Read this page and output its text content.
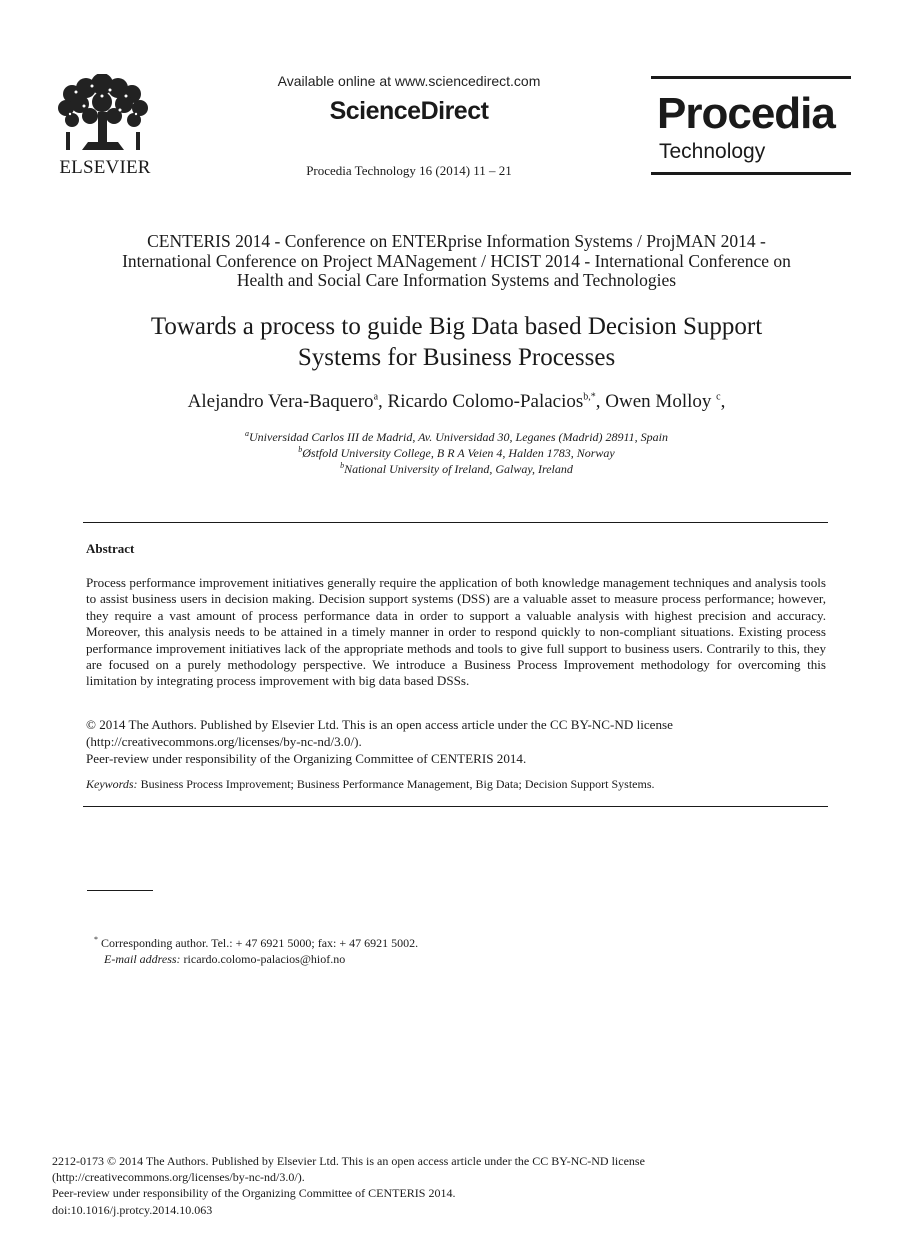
ELSEVIER
Available online at www.sciencedirect.com
ScienceDirect
Procedia Technology 16 (2014) 11 – 21
Procedia
Technology
CENTERIS 2014 - Conference on ENTERprise Information Systems / ProjMAN 2014 -
International Conference on Project MANagement / HCIST 2014 - International Conference on
Health and Social Care Information Systems and Technologies
Towards a process to guide Big Data based Decision Support
Systems for Business Processes
Alejandro Vera-Baquero$^a$, Ricardo Colomo-Palacios$^{b,*}$, Owen Molloy $^c$,
$^a$Universidad Carlos III de Madrid, Av. Universidad 30, Leganes (Madrid) 28911, Spain
$^b$Østfold University College, B R A Veien 4, Halden 1783, Norway
$^b$National University of Ireland, Galway, Ireland
Abstract
Process performance improvement initiatives generally require the application of both knowledge management techniques and analysis tools to assist business users in decision making. Decision support systems (DSS) are a valuable asset to measure process performance; however, they require a vast amount of process performance data in order to support a valuable analysis with highest precision and accuracy. Moreover, this analysis needs to be attained in a timely manner in order to respond quickly to non-compliant situations. Existing process performance improvement initiatives lack of the appropriate methods and tools to give full support to business users. Contrarily to this, they are focused on a purely methodology perspective. We introduce a Business Process Improvement methodology for overcoming this limitation by integrating process improvement with big data based DSSs.
© 2014 The Authors. Published by Elsevier Ltd. This is an open access article under the CC BY-NC-ND license
(http://creativecommons.org/licenses/by-nc-nd/3.0/).
Peer-review under responsibility of the Organizing Committee of CENTERIS 2014.
Keywords: Business Process Improvement; Business Performance Management, Big Data; Decision Support Systems.
* Corresponding author. Tel.: + 47 6921 5000; fax: + 47 6921 5002.
E-mail address: ricardo.colomo-palacios@hiof.no
2212-0173 © 2014 The Authors. Published by Elsevier Ltd. This is an open access article under the CC BY-NC-ND license
(http://creativecommons.org/licenses/by-nc-nd/3.0/).
Peer-review under responsibility of the Organizing Committee of CENTERIS 2014.
doi:10.1016/j.protcy.2014.10.063
